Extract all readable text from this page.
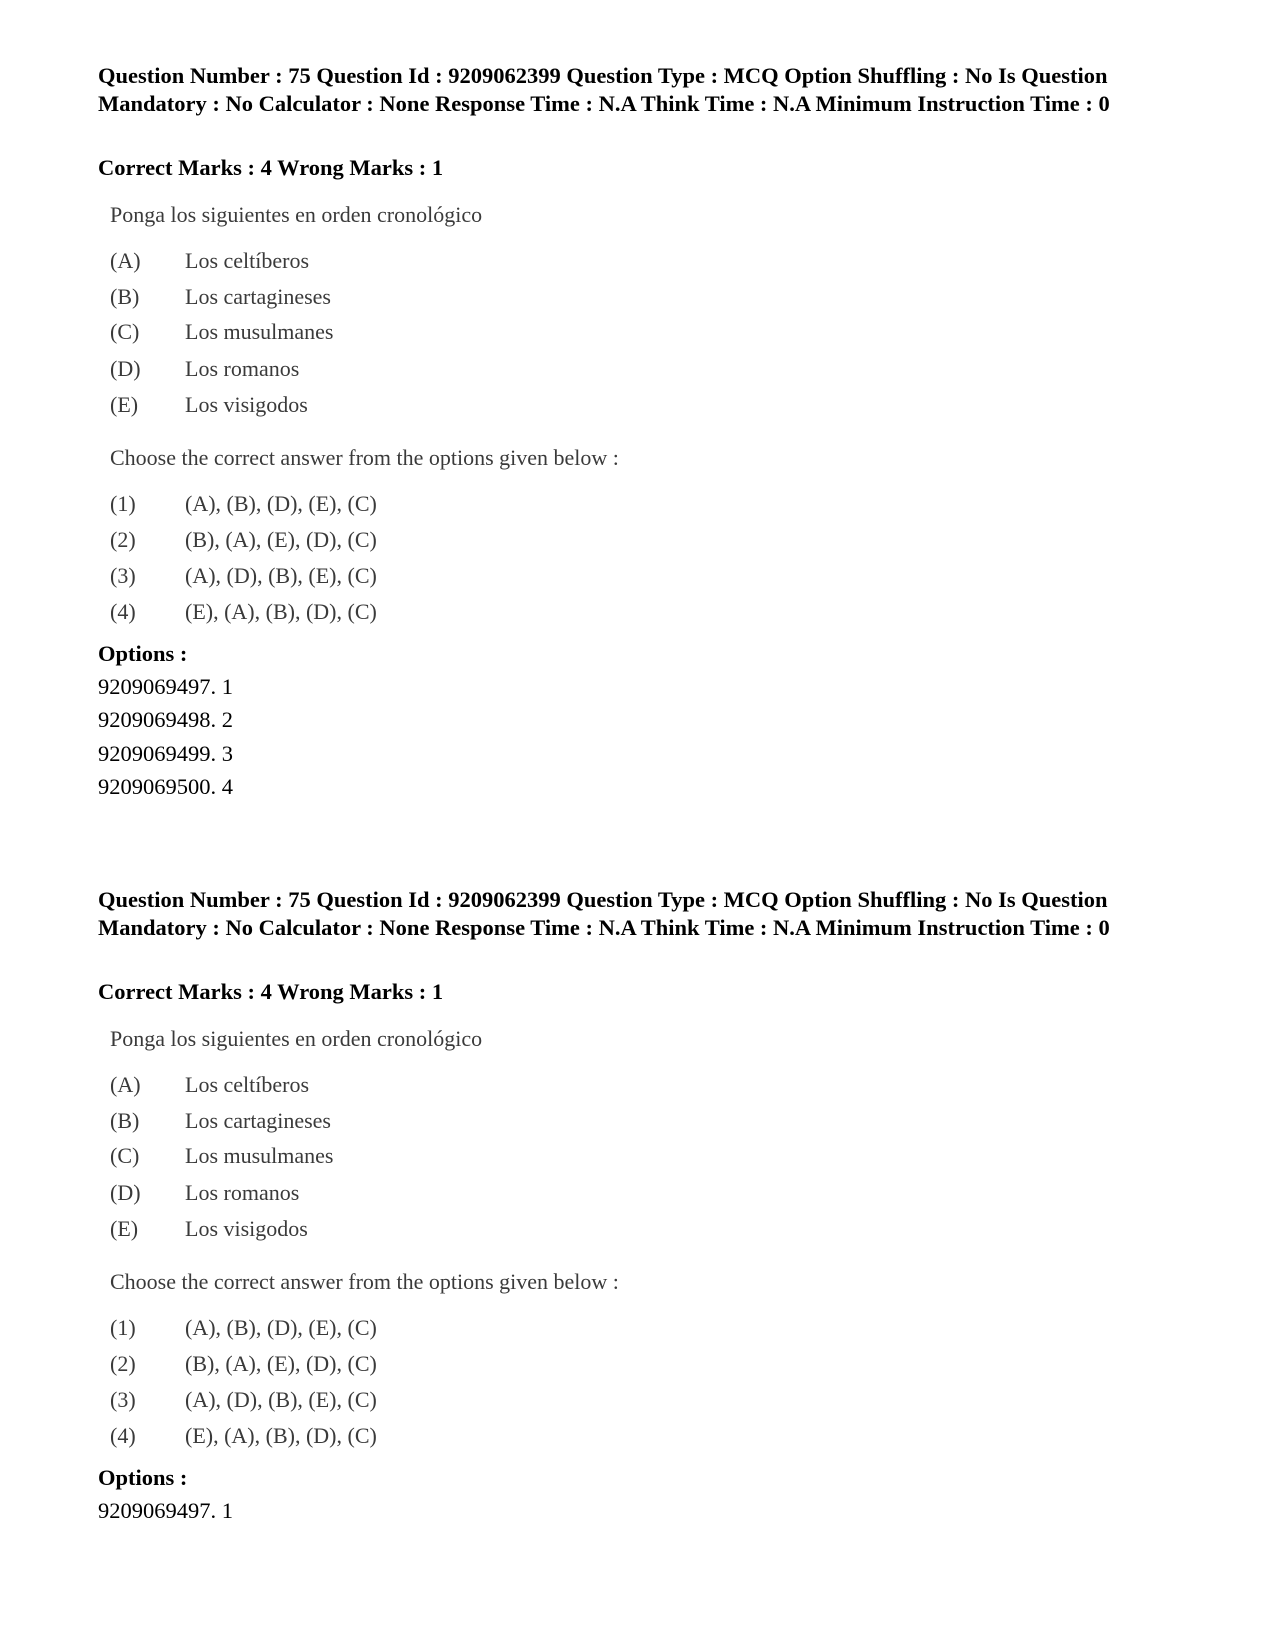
Question Number : 75 Question Id : 9209062399 Question Type : MCQ Option Shuffling : No Is Question Mandatory : No Calculator : None Response Time : N.A Think Time : N.A Minimum Instruction Time : 0

Correct Marks : 4 Wrong Marks : 1

Ponga los siguientes en orden cronológico
(A) Los celtíberos
(B) Los cartagineses
(C) Los musulmanes
(D) Los romanos
(E) Los visigodos
Choose the correct answer from the options given below :
(1) (A), (B), (D), (E), (C)
(2) (B), (A), (E), (D), (C)
(3) (A), (D), (B), (E), (C)
(4) (E), (A), (B), (D), (C)
Options :
9209069497. 1
9209069498. 2
9209069499. 3
9209069500. 4

Question Number : 75 Question Id : 9209062399 Question Type : MCQ Option Shuffling : No Is Question Mandatory : No Calculator : None Response Time : N.A Think Time : N.A Minimum Instruction Time : 0

Correct Marks : 4 Wrong Marks : 1

Ponga los siguientes en orden cronológico
(A) Los celtíberos
(B) Los cartagineses
(C) Los musulmanes
(D) Los romanos
(E) Los visigodos
Choose the correct answer from the options given below :
(1) (A), (B), (D), (E), (C)
(2) (B), (A), (E), (D), (C)
(3) (A), (D), (B), (E), (C)
(4) (E), (A), (B), (D), (C)
Options :
9209069497. 1
